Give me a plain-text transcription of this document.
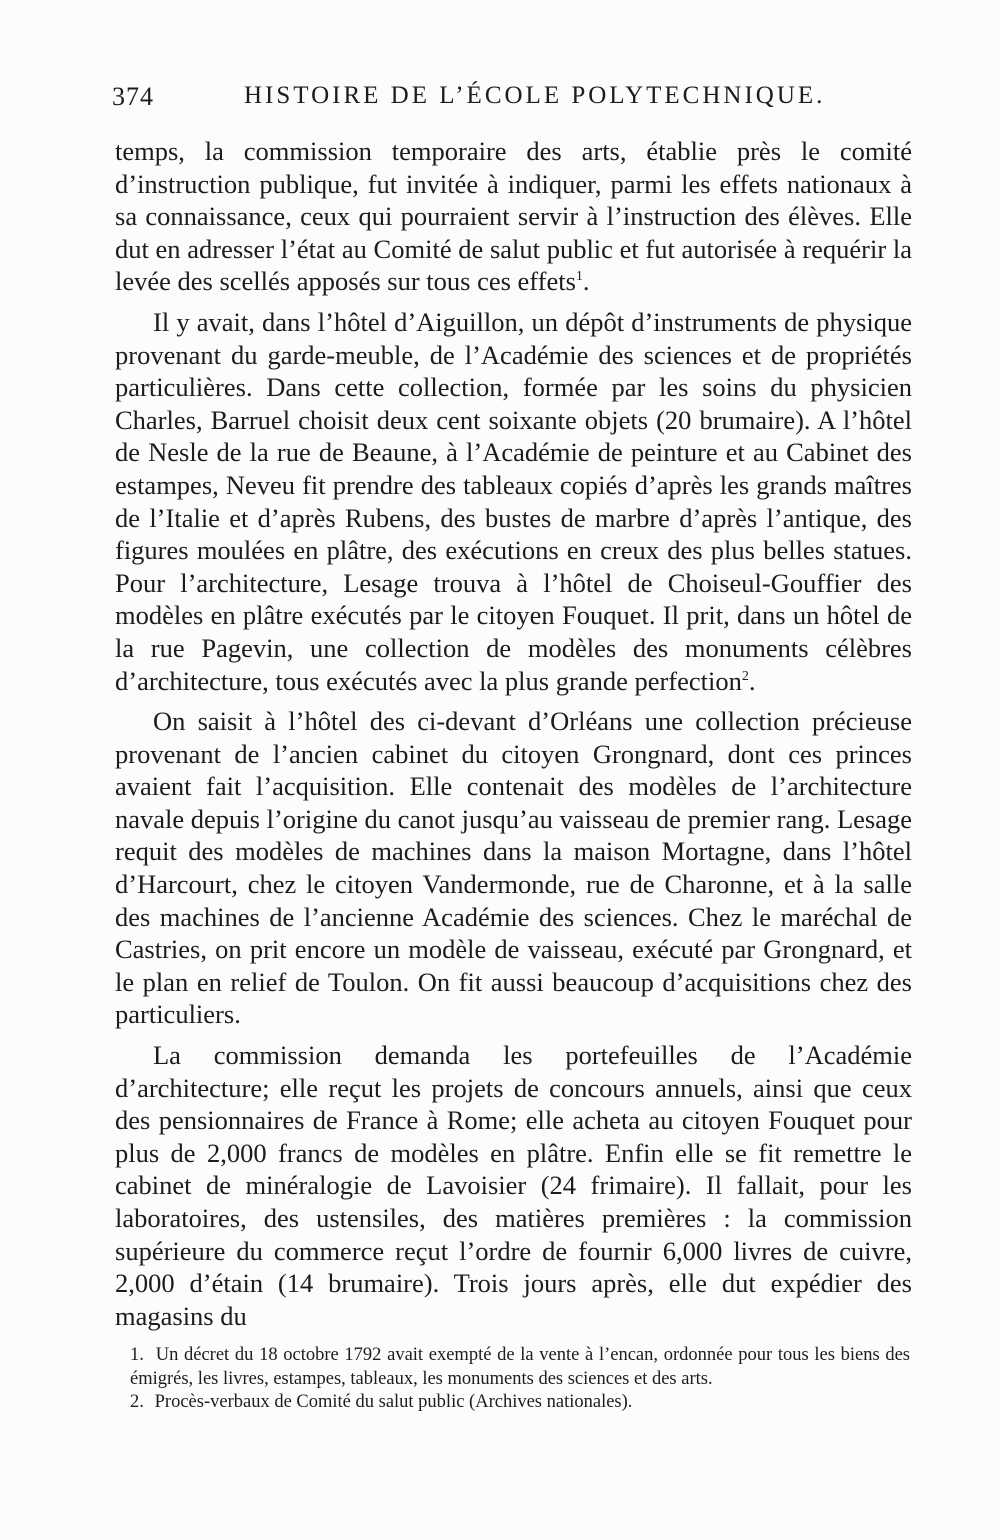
374	HISTOIRE DE L’ÉCOLE POLYTECHNIQUE.

temps, la commission temporaire des arts, établie près le comité d’instruction publique, fut invitée à indiquer, parmi les effets nationaux à sa connaissance, ceux qui pourraient servir à l’instruction des élèves. Elle dut en adresser l’état au Comité de salut public et fut autorisée à requérir la levée des scellés apposés sur tous ces effets$^1$.

Il y avait, dans l’hôtel d’Aiguillon, un dépôt d’instruments de physique provenant du garde-meuble, de l’Académie des sciences et de propriétés particulières. Dans cette collection, formée par les soins du physicien Charles, Barruel choisit deux cent soixante objets (20 brumaire). A l’hôtel de Nesle de la rue de Beaune, à l’Académie de peinture et au Cabinet des estampes, Neveu fit prendre des tableaux copiés d’après les grands maîtres de l’Italie et d’après Rubens, des bustes de marbre d’après l’antique, des figures moulées en plâtre, des exécutions en creux des plus belles statues. Pour l’architecture, Lesage trouva à l’hôtel de Choiseul-Gouffier des modèles en plâtre exécutés par le citoyen Fouquet. Il prit, dans un hôtel de la rue Pagevin, une collection de modèles des monuments célèbres d’architecture, tous exécutés avec la plus grande perfection$^2$.

On saisit à l’hôtel des ci-devant d’Orléans une collection précieuse provenant de l’ancien cabinet du citoyen Grongnard, dont ces princes avaient fait l’acquisition. Elle contenait des modèles de l’architecture navale depuis l’origine du canot jusqu’au vaisseau de premier rang. Lesage requit des modèles de machines dans la maison Mortagne, dans l’hôtel d’Harcourt, chez le citoyen Vandermonde, rue de Charonne, et à la salle des machines de l’ancienne Académie des sciences. Chez le maréchal de Castries, on prit encore un modèle de vaisseau, exécuté par Grongnard, et le plan en relief de Toulon. On fit aussi beaucoup d’acquisitions chez des particuliers.

La commission demanda les portefeuilles de l’Académie d’architecture; elle reçut les projets de concours annuels, ainsi que ceux des pensionnaires de France à Rome; elle acheta au citoyen Fouquet pour plus de 2,000 francs de modèles en plâtre. Enfin elle se fit remettre le cabinet de minéralogie de Lavoisier (24 frimaire). Il fallait, pour les laboratoires, des ustensiles, des matières premières : la commission supérieure du commerce reçut l’ordre de fournir 6,000 livres de cuivre, 2,000 d’étain (14 brumaire). Trois jours après, elle dut expédier des magasins du

1. Un décret du 18 octobre 1792 avait exempté de la vente à l’encan, ordonnée pour tous les biens des émigrés, les livres, estampes, tableaux, les monuments des sciences et des arts.

2. Procès-verbaux de Comité du salut public (Archives nationales).
